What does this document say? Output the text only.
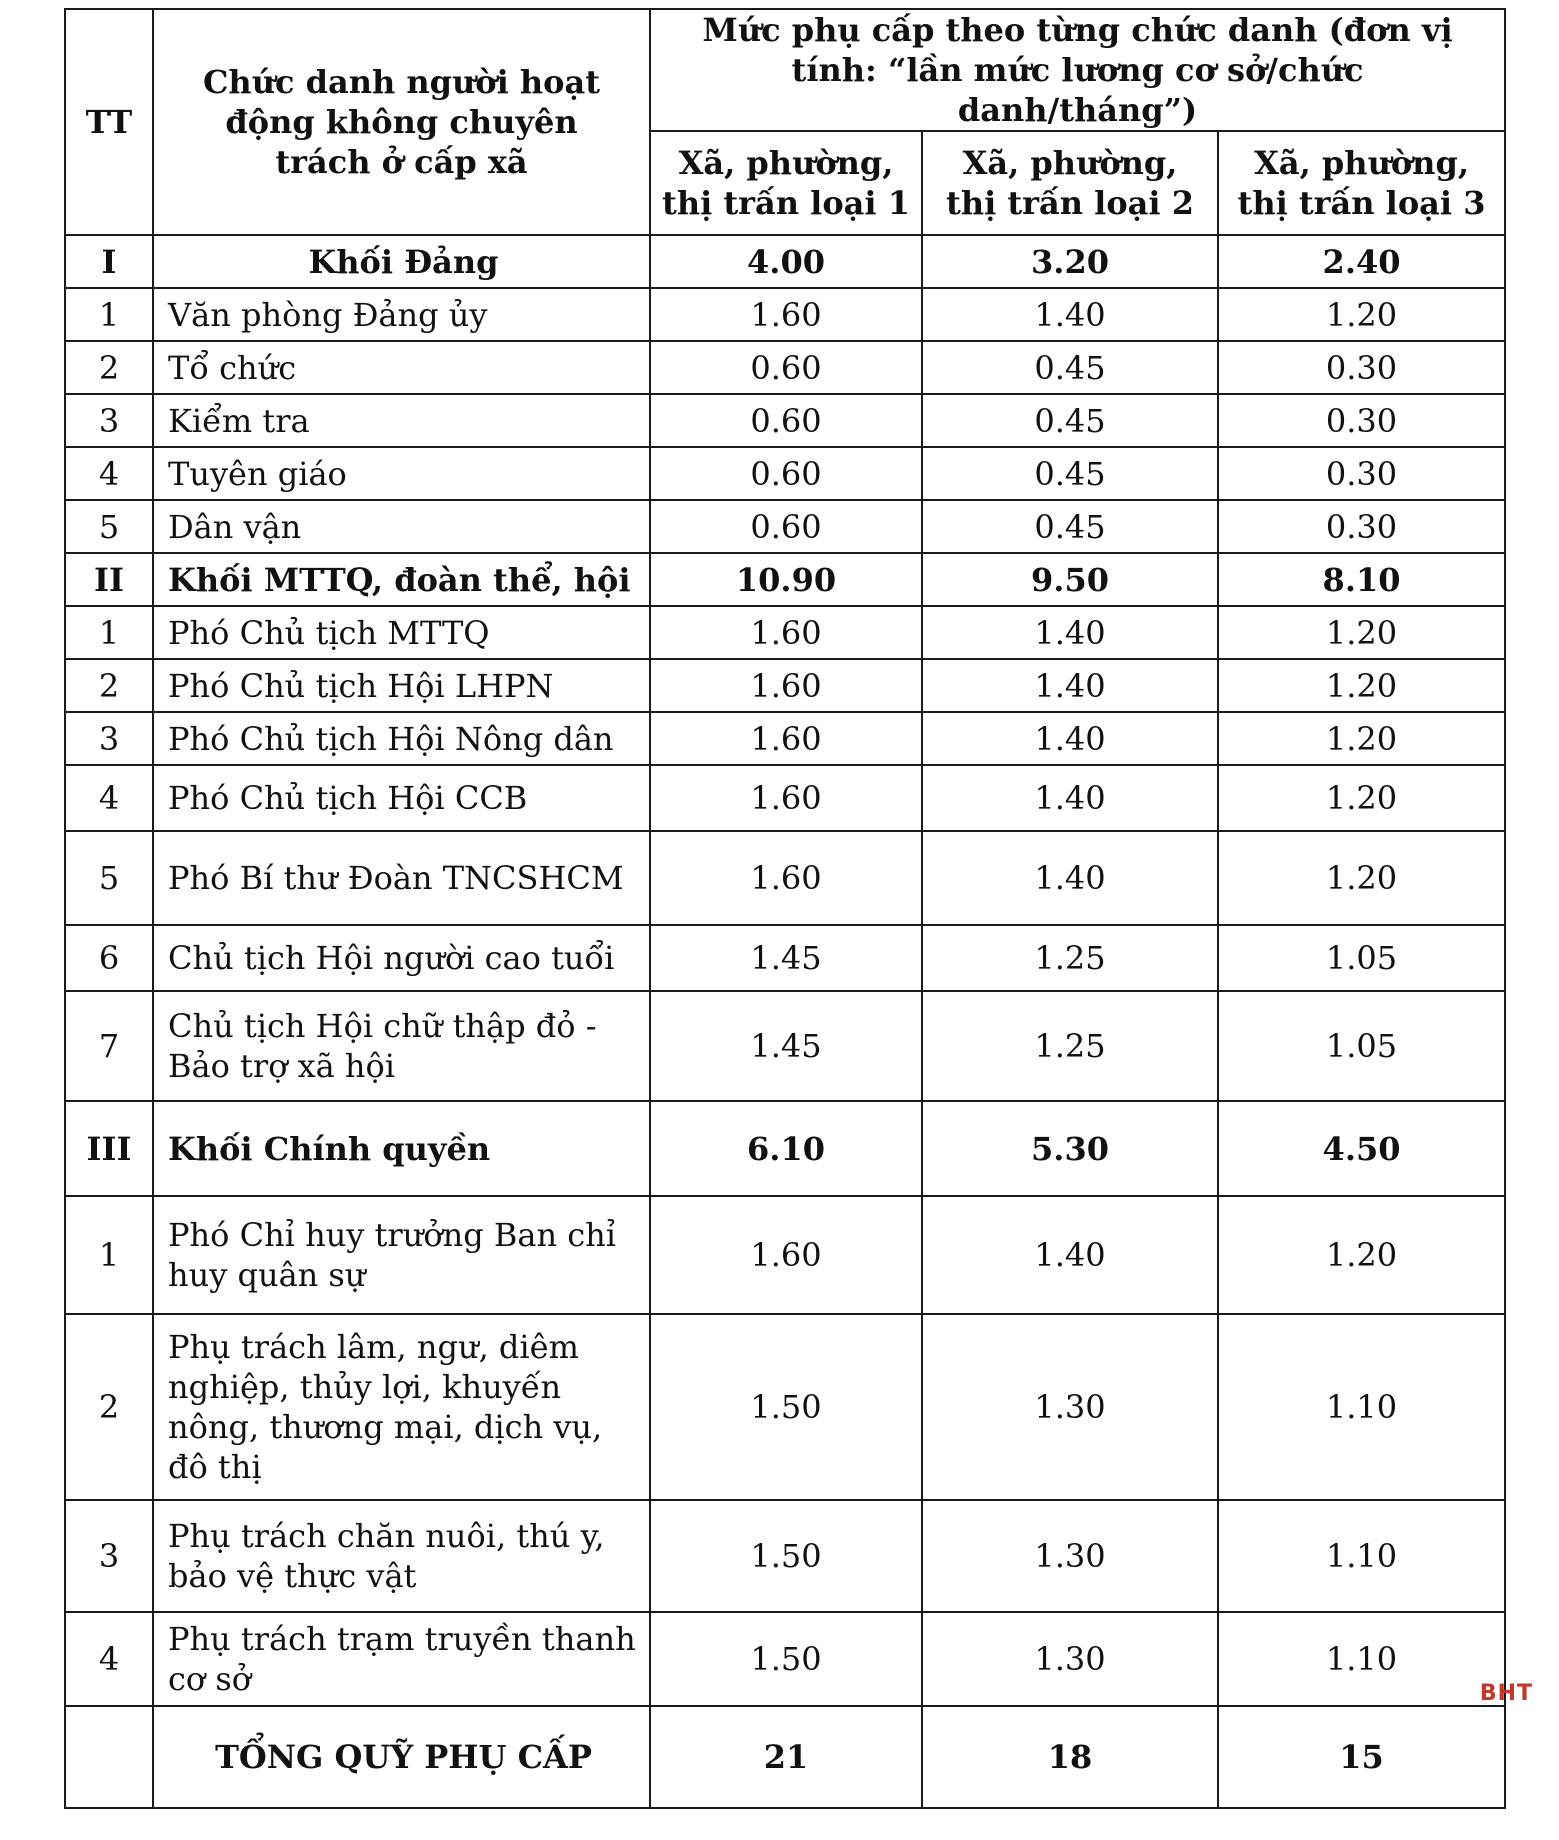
TT	Chức danh người hoạt động không chuyên trách ở cấp xã	Mức phụ cấp theo từng chức danh (đơn vị tính: “lần mức lương cơ sở/chức danh/tháng”)		
		Xã, phường, thị trấn loại 1	Xã, phường, thị trấn loại 2	Xã, phường, thị trấn loại 3
I	Khối Đảng	4.00	3.20	2.40
1	Văn phòng Đảng ủy	1.60	1.40	1.20
2	Tổ chức	0.60	0.45	0.30
3	Kiểm tra	0.60	0.45	0.30
4	Tuyên giáo	0.60	0.45	0.30
5	Dân vận	0.60	0.45	0.30
II	Khối MTTQ, đoàn thể, hội	10.90	9.50	8.10
1	Phó Chủ tịch MTTQ	1.60	1.40	1.20
2	Phó Chủ tịch Hội LHPN	1.60	1.40	1.20
3	Phó Chủ tịch Hội Nông dân	1.60	1.40	1.20
4	Phó Chủ tịch Hội CCB	1.60	1.40	1.20
5	Phó Bí thư Đoàn TNCSHCM	1.60	1.40	1.20
6	Chủ tịch Hội người cao tuổi	1.45	1.25	1.05
7	Chủ tịch Hội chữ thập đỏ - Bảo trợ xã hội	1.45	1.25	1.05
III	Khối Chính quyền	6.10	5.30	4.50
1	Phó Chỉ huy trưởng Ban chỉ huy quân sự	1.60	1.40	1.20
2	Phụ trách lâm, ngư, diêm nghiệp, thủy lợi, khuyến nông, thương mại, dịch vụ, đô thị	1.50	1.30	1.10
3	Phụ trách chăn nuôi, thú y, bảo vệ thực vật	1.50	1.30	1.10
4	Phụ trách trạm truyền thanh cơ sở	1.50	1.30	1.10
	TỔNG QUỸ PHỤ CẤP	21	18	15
BHT
